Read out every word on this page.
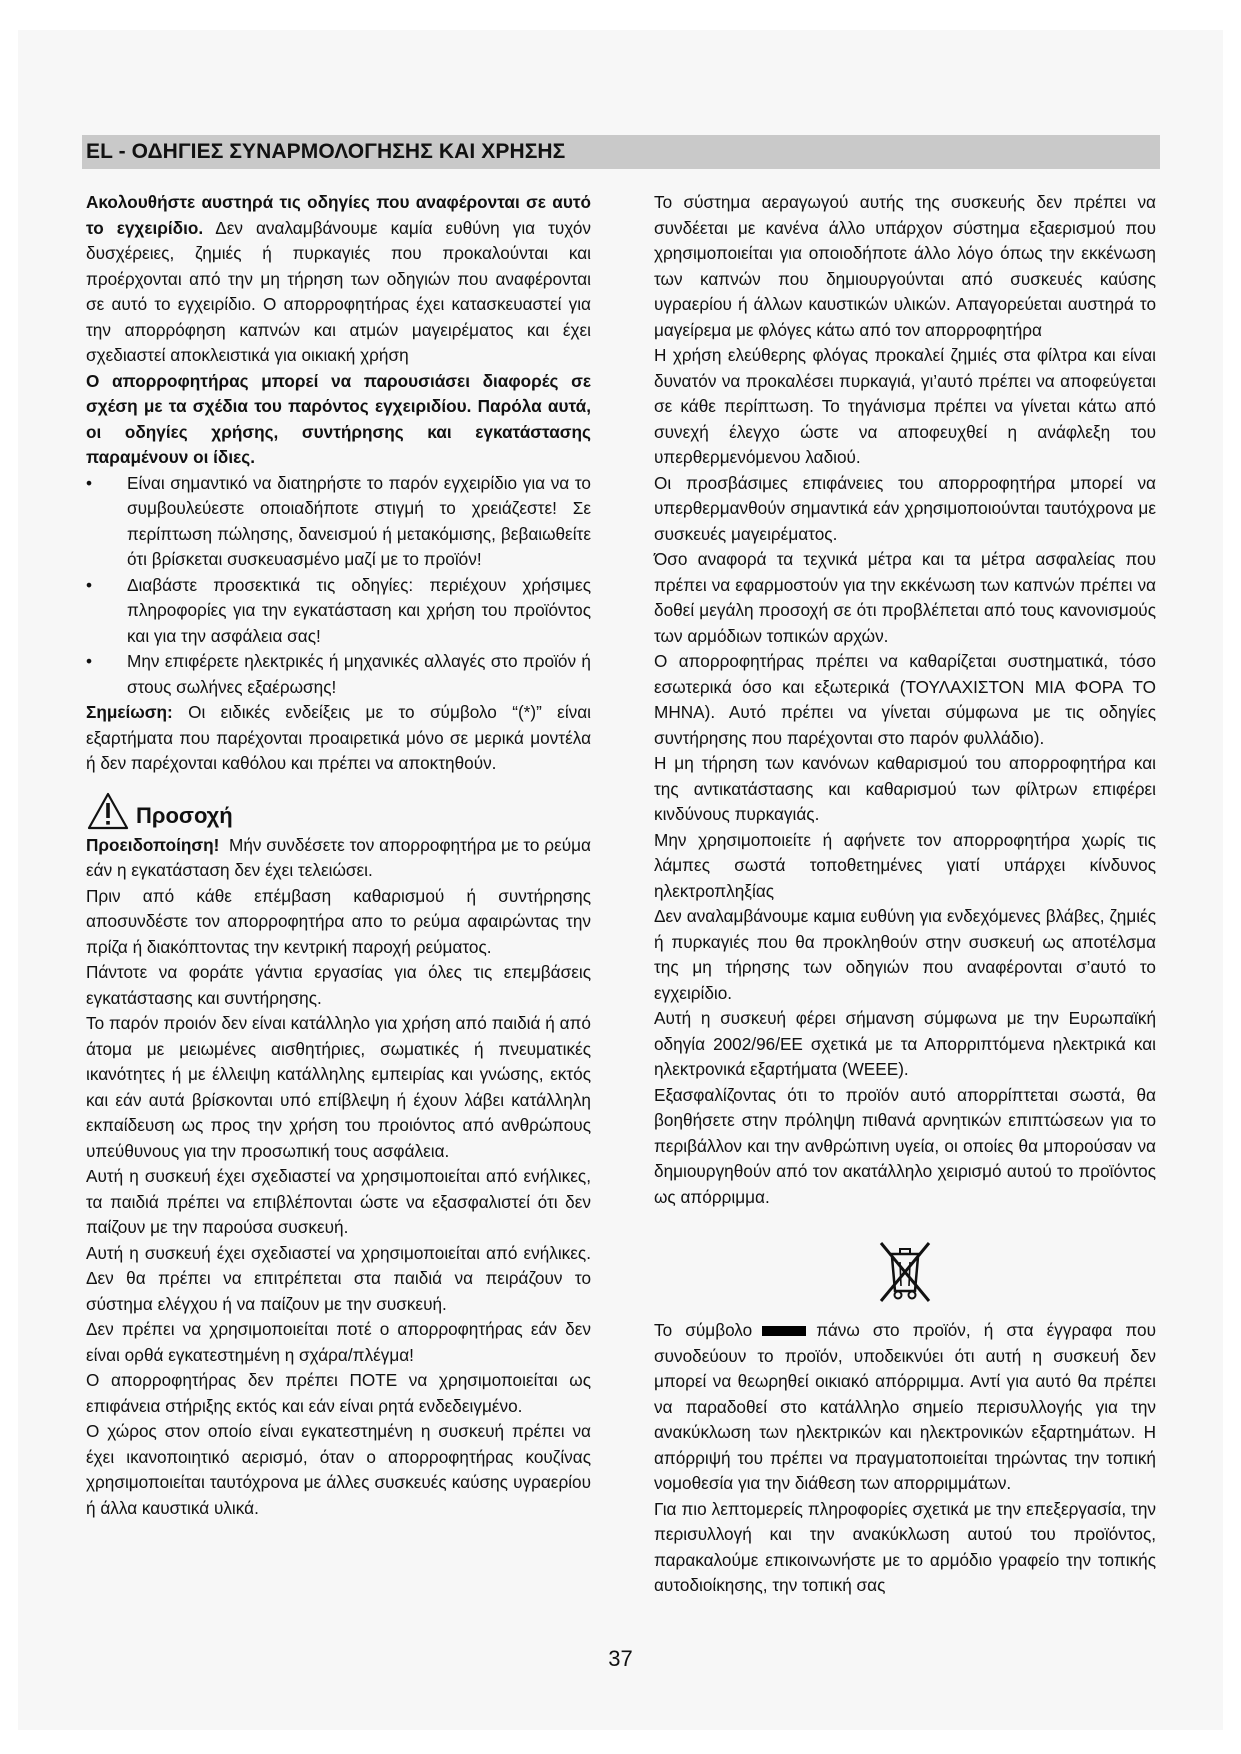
EL - ΟΔΗΓΙΕΣ ΣΥΝΑΡΜΟΛΟΓΗΣΗΣ ΚΑΙ ΧΡΗΣΗΣ

Ακολουθήστε αυστηρά τις οδηγίες που αναφέρονται σε αυτό το εγχειρίδιο. Δεν αναλαμβάνουμε καμία ευθύνη για τυχόν δυσχέρειες, ζημιές ή πυρκαγιές που προκαλούνται και προέρχονται από την μη τήρηση των οδηγιών που αναφέρονται σε αυτό το εγχειρίδιο. Ο απορροφητήρας έχει κατασκευαστεί για την απορρόφηση καπνών και ατμών μαγειρέματος και έχει σχεδιαστεί αποκλειστικά για οικιακή χρήση

Ο απορροφητήρας μπορεί να παρουσιάσει διαφορές σε σχέση με τα σχέδια του παρόντος εγχειριδίου. Παρόλα αυτά, οι οδηγίες χρήσης, συντήρησης και εγκατάστασης παραμένουν οι ίδιες.

• Είναι σημαντικό να διατηρήστε το παρόν εγχειρίδιο για να το συμβουλεύεστε οποιαδήποτε στιγμή το χρειάζεστε! Σε περίπτωση πώλησης, δανεισμού ή μετακόμισης, βεβαιωθείτε ότι βρίσκεται συσκευασμένο μαζί με το προϊόν!
• Διαβάστε προσεκτικά τις οδηγίες: περιέχουν χρήσιμες πληροφορίες για την εγκατάσταση και χρήση του προϊόντος και για την ασφάλεια σας!
• Μην επιφέρετε ηλεκτρικές ή μηχανικές αλλαγές στο προϊόν ή στους σωλήνες εξαέρωσης!

Σημείωση: Οι ειδικές ενδείξεις με το σύμβολο “(*)” είναι εξαρτήματα που παρέχονται προαιρετικά μόνο σε μερικά μοντέλα ή δεν παρέχονται καθόλου και πρέπει να αποκτηθούν.

Προσοχή

Προειδοποίηση! Μήν συνδέσετε τον απορροφητήρα με το ρεύμα εάν η εγκατάσταση δεν έχει τελειώσει.

Πριν από κάθε επέμβαση καθαρισμού ή συντήρησης αποσυνδέστε τον απορροφητήρα απο το ρεύμα αφαιρώντας την πρίζα ή διακόπτοντας την κεντρική παροχή ρεύματος.

Πάντοτε να φοράτε γάντια εργασίας για όλες τις επεμβάσεις εγκατάστασης και συντήρησης.

Το παρόν προιόν δεν είναι κατάλληλο για χρήση από παιδιά ή από άτομα με μειωμένες αισθητήριες, σωματικές ή πνευματικές ικανότητες ή με έλλειψη κατάλληλης εμπειρίας και γνώσης, εκτός και εάν αυτά βρίσκονται υπό επίβλεψη ή έχουν λάβει κατάλληλη εκπαίδευση ως προς την χρήση του προιόντος από ανθρώπους υπεύθυνους για την προσωπική τους ασφάλεια.

Αυτή η συσκευή έχει σχεδιαστεί να χρησιμοποιείται από ενήλικες, τα παιδιά πρέπει να επιβλέπονται ώστε να εξασφαλιστεί ότι δεν παίζουν με την παρούσα συσκευή.

Αυτή η συσκευή έχει σχεδιαστεί να χρησιμοποιείται από ενήλικες. Δεν θα πρέπει να επιτρέπεται στα παιδιά να πειράζουν το σύστημα ελέγχου ή να παίζουν με την συσκευή.

Δεν πρέπει να χρησιμοποιείται ποτέ ο απορροφητήρας εάν δεν είναι ορθά εγκατεστημένη η σχάρα/πλέγμα!

Ο απορροφητήρας δεν πρέπει ΠΟΤΕ να χρησιμοποιείται ως επιφάνεια στήριξης εκτός και εάν είναι ρητά ενδεδειγμένο.

Ο χώρος στον οποίο είναι εγκατεστημένη η συσκευή πρέπει να έχει ικανοποιητικό αερισμό, όταν ο απορροφητήρας κουζίνας χρησιμοποιείται ταυτόχρονα με άλλες συσκευές καύσης υγραερίου ή άλλα καυστικά υλικά.

Το σύστημα αεραγωγού αυτής της συσκευής δεν πρέπει να συνδέεται με κανένα άλλο υπάρχον σύστημα εξαερισμού που χρησιμοποιείται για οποιοδήποτε άλλο λόγο όπως την εκκένωση των καπνών που δημιουργούνται από συσκευές καύσης υγραερίου ή άλλων καυστικών υλικών. Απαγορεύεται αυστηρά το μαγείρεμα με φλόγες κάτω από τον απορροφητήρα

Η χρήση ελεύθερης φλόγας προκαλεί ζημιές στα φίλτρα και είναι δυνατόν να προκαλέσει πυρκαγιά, γι’αυτό πρέπει να αποφεύγεται σε κάθε περίπτωση. Το τηγάνισμα πρέπει να γίνεται κάτω από συνεχή έλεγχο ώστε να αποφευχθεί η ανάφλεξη του υπερθερμενόμενου λαδιού.

Οι προσβάσιμες επιφάνειες του απορροφητήρα μπορεί να υπερθερμανθούν σημαντικά εάν χρησιμοποιούνται ταυτόχρονα με συσκευές μαγειρέματος.

Όσο αναφορά τα τεχνικά μέτρα και τα μέτρα ασφαλείας που πρέπει να εφαρμοστούν για την εκκένωση των καπνών πρέπει να δοθεί μεγάλη προσοχή σε ότι προβλέπεται από τους κανονισμούς των αρμόδιων τοπικών αρχών.

Ο απορροφητήρας πρέπει να καθαρίζεται συστηματικά, τόσο εσωτερικά όσο και εξωτερικά (ΤΟΥΛΑΧΙΣΤΟΝ ΜΙΑ ΦΟΡΑ ΤΟ ΜΗΝΑ). Αυτό πρέπει να γίνεται σύμφωνα με τις οδηγίες συντήρησης που παρέχονται στο παρόν φυλλάδιο).

Η μη τήρηση των κανόνων καθαρισμού του απορροφητήρα και της αντικατάστασης και καθαρισμού των φίλτρων επιφέρει κινδύνους πυρκαγιάς.

Μην χρησιμοποιείτε ή αφήνετε τον απορροφητήρα χωρίς τις λάμπες σωστά τοποθετημένες γιατί υπάρχει κίνδυνος ηλεκτροπληξίας

Δεν αναλαμβάνουμε καμια ευθύνη για ενδεχόμενες βλάβες, ζημιές ή πυρκαγιές που θα προκληθούν στην συσκευή ως αποτέλσμα της μη τήρησης των οδηγιών που αναφέρονται σ’αυτό το εγχειρίδιο.

Αυτή η συσκευή φέρει σήμανση σύμφωνα με την Ευρωπαϊκή οδηγία 2002/96/ΕΕ σχετικά με τα Απορριπτόμενα ηλεκτρικά και ηλεκτρονικά εξαρτήματα (WEEE).

Εξασφαλίζοντας ότι το προϊόν αυτό απορρίπτεται σωστά, θα βοηθήσετε στην πρόληψη πιθανά αρνητικών επιπτώσεων για το περιβάλλον και την ανθρώπινη υγεία, οι οποίες θα μπορούσαν να δημιουργηθούν από τον ακατάλληλο χειρισμό αυτού το προϊόντος ως απόρριμμα.

Το σύμβολο	πάνω στο προϊόν, ή στα έγγραφα που συνοδεύουν το προϊόν, υποδεικνύει ότι αυτή η συσκευή δεν μπορεί να θεωρηθεί οικιακό απόρριμμα. Αντί για αυτό θα πρέπει να παραδοθεί στο κατάλληλο σημείο περισυλλογής για την ανακύκλωση των ηλεκτρικών και ηλεκτρονικών εξαρτημάτων. Η απόρριψή του πρέπει να πραγματοποιείται τηρώντας την τοπική νομοθεσία για την διάθεση των απορριμμάτων.

Για πιο λεπτομερείς πληροφορίες σχετικά με την επεξεργασία, την περισυλλογή και την ανακύκλωση αυτού του προϊόντος, παρακαλούμε επικοινωνήστε με το αρμόδιο γραφείο την τοπικής αυτοδιοίκησης, την τοπική σας

37
